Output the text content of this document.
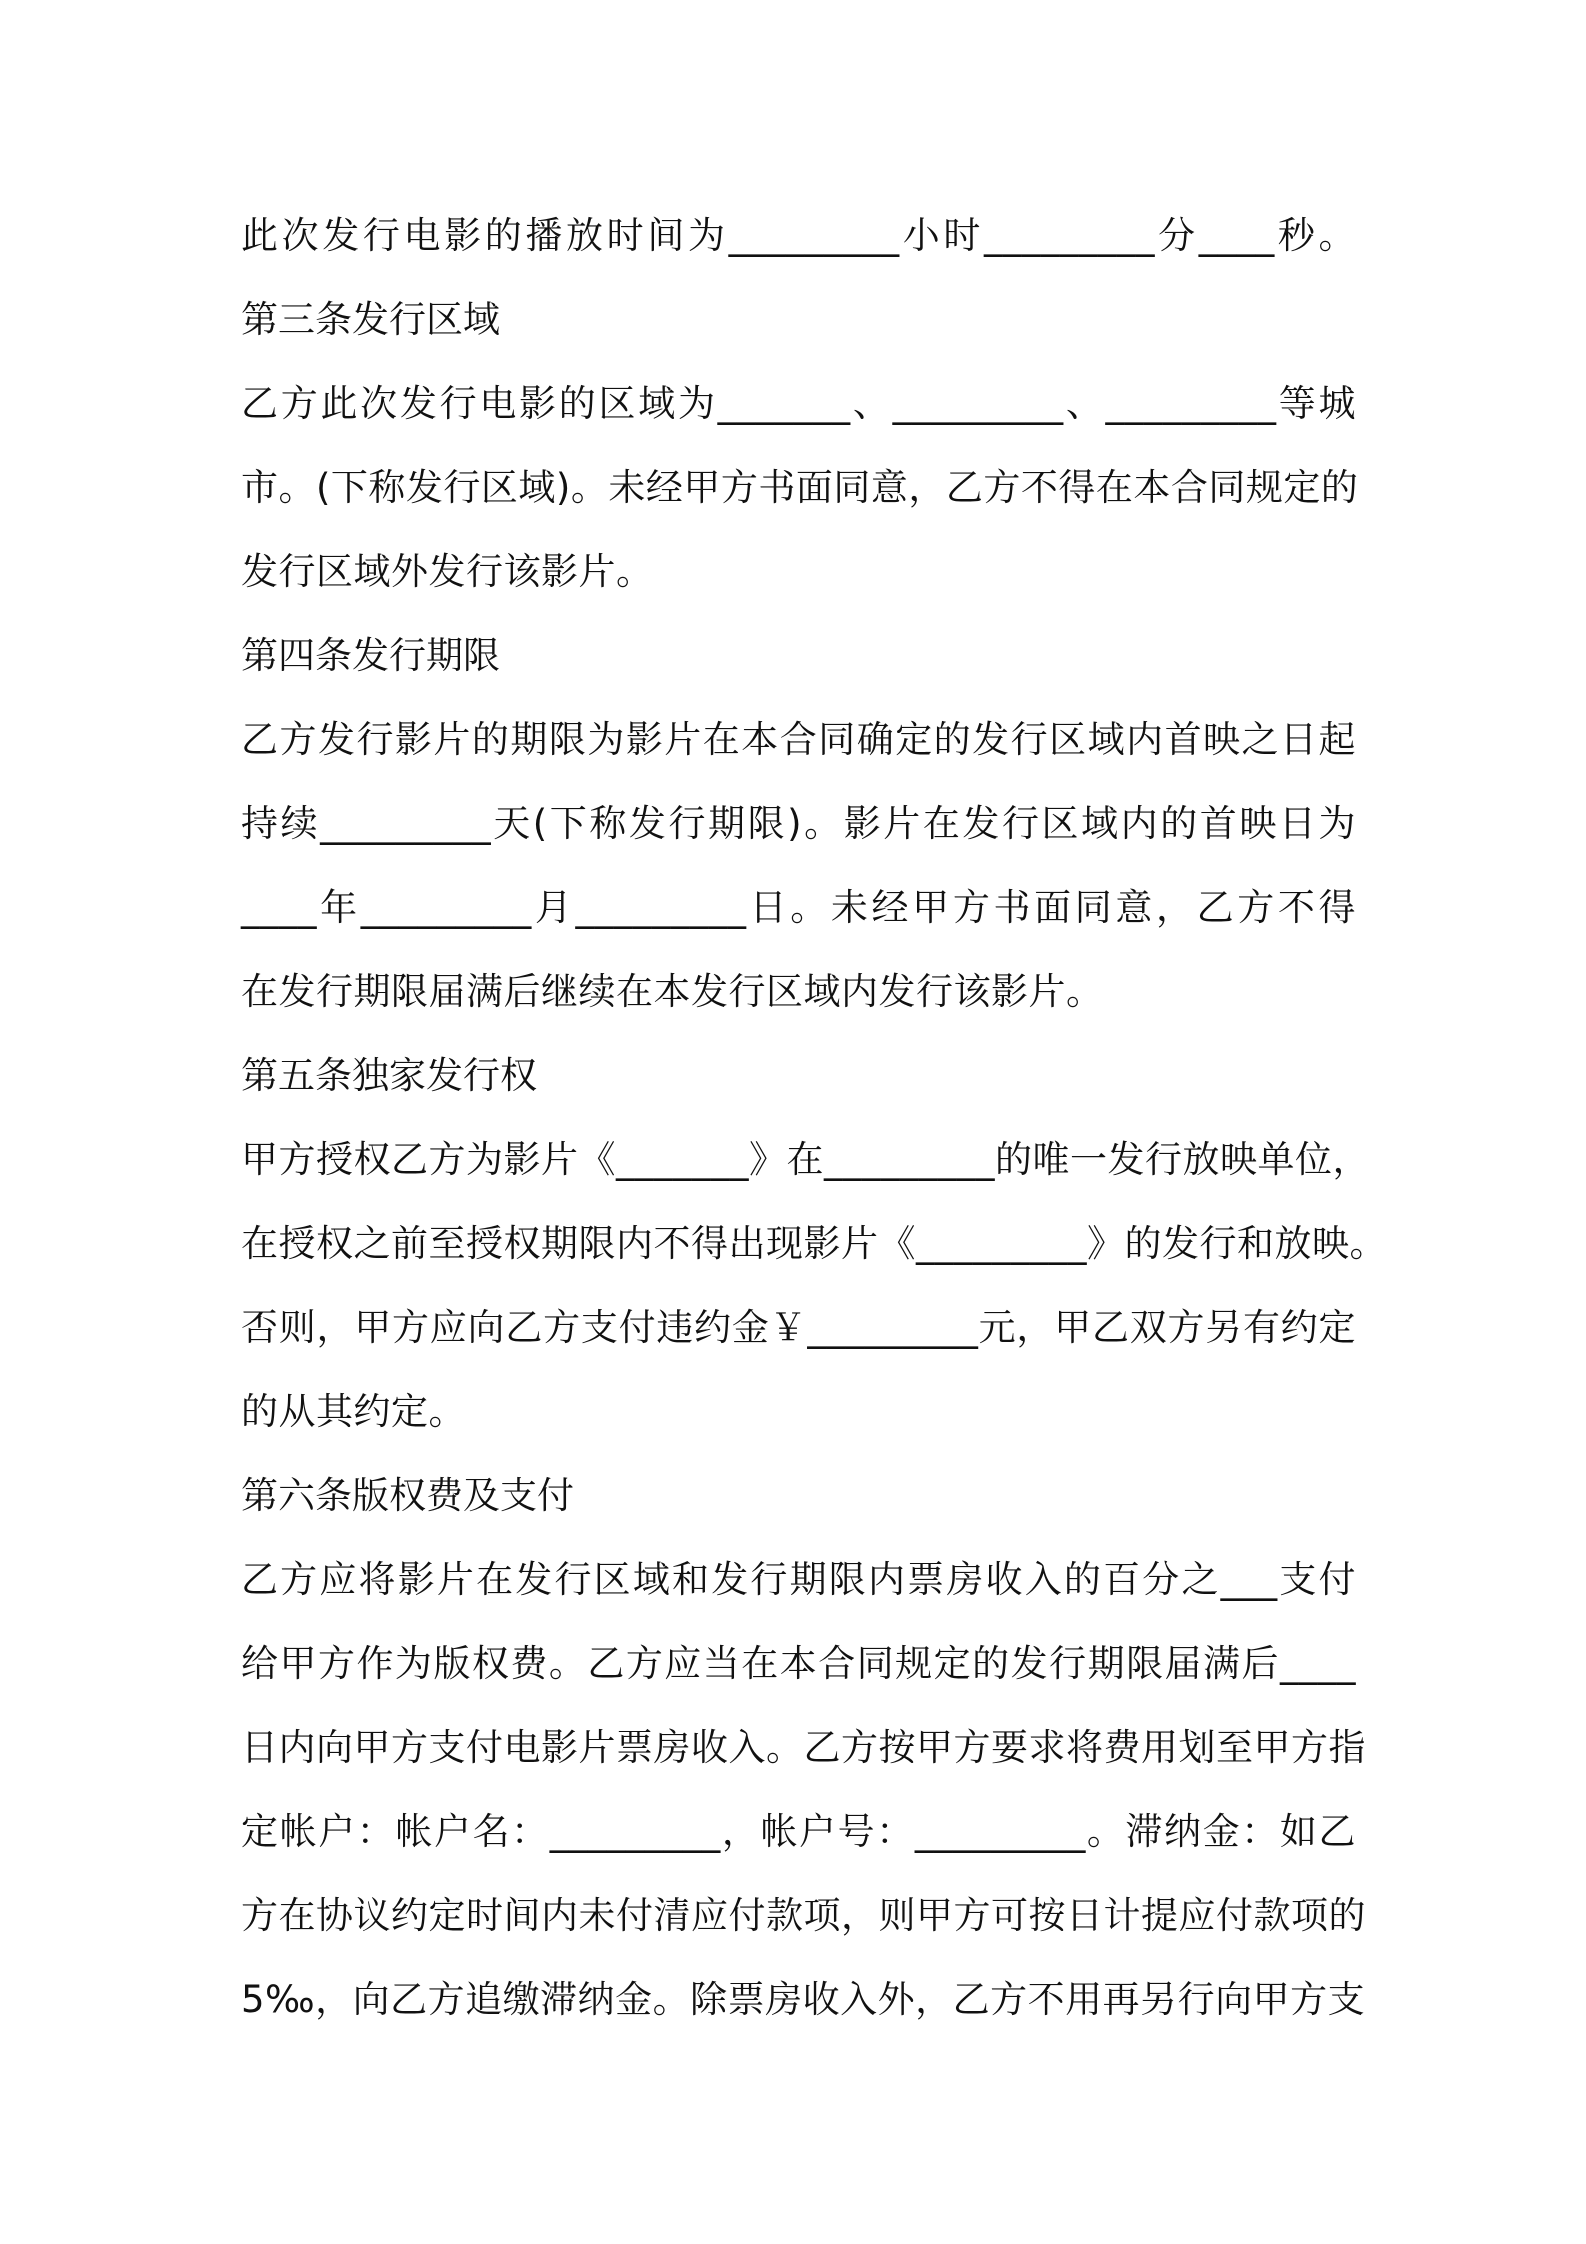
此次发行电影的播放时间为_________小时_________分____秒。
第三条发行区域
乙方此次发行电影的区域为_______、_________、_________等城
市。(下称发行区域)。未经甲方书面同意，乙方不得在本合同规定的
发行区域外发行该影片。
第四条发行期限
乙方发行影片的期限为影片在本合同确定的发行区域内首映之日起
持续_________天(下称发行期限)。影片在发行区域内的首映日为
____年_________月_________日。未经甲方书面同意，乙方不得
在发行期限届满后继续在本发行区域内发行该影片。
第五条独家发行权
甲方授权乙方为影片《_______》在_________的唯一发行放映单位，
在授权之前至授权期限内不得出现影片《_________》的发行和放映。
否则，甲方应向乙方支付违约金￥_________元，甲乙双方另有约定
的从其约定。
第六条版权费及支付
乙方应将影片在发行区域和发行期限内票房收入的百分之___支付
给甲方作为版权费。乙方应当在本合同规定的发行期限届满后____
日内向甲方支付电影片票房收入。乙方按甲方要求将费用划至甲方指
定帐户：帐户名：_________，帐户号：_________。滞纳金：如乙
方在协议约定时间内未付清应付款项，则甲方可按日计提应付款项的
5‰，向乙方追缴滞纳金。除票房收入外，乙方不用再另行向甲方支
